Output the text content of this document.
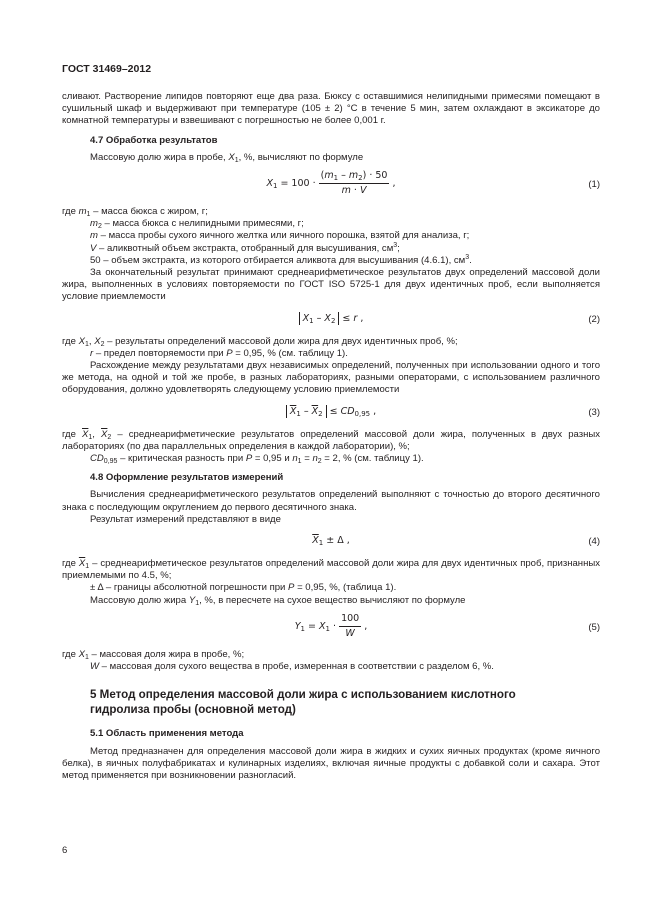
ГОСТ 31469–2012

сливают. Растворение липидов повторяют еще два раза. Бюксу с оставшимися нелипидными примесями помещают в сушильный шкаф и выдерживают при температуре (105 ± 2) °С в течение 5 мин, затем охлаждают в эксикаторе до комнатной температуры и взвешивают с погрешностью не более 0,001 г.

4.7 Обработка результатов

Массовую долю жира в пробе, $X_1$, %, вычисляют по формуле

$X_1 = 100 \cdot \frac{(m_1 - m_2) \cdot 50}{m \cdot V}$ ,	(1)

где $m_1$ – масса бюкса с жиром, г;

$m_2$ – масса бюкса с нелипидными примесями, г;

m – масса пробы сухого яичного желтка или яичного порошка, взятой для анализа, г;

V – аликвотный объем экстракта, отобранный для высушивания, $см^3$;

50 – объем экстракта, из которого отбирается аликвота для высушивания (4.6.1), $см^3$.

За окончательный результат принимают среднеарифметическое результатов двух определений массовой доли жира, выполненных в условиях повторяемости по ГОСТ ISO 5725-1 для двух идентичных проб, если выполняется условие приемлемости

$X_1 - X_2 \le r$ ,	(2)

где $X_1$, $X_2$ – результаты определений массовой доли жира для двух идентичных проб, %;

r – предел повторяемости при P = 0,95, % (см. таблицу 1).

Расхождение между результатами двух независимых определений, полученных при использовании одного и того же метода, на одной и той же пробе, в разных лабораториях, разными операторами, с использованием различного оборудования, должно удовлетворять следующему условию приемлемости

$\overline{X}_1 - \overline{X}_2 \le CD_{0,95}$ ,	(3)

где $\overline{X}_1$, $\overline{X}_2$ – среднеарифметические результатов определений массовой доли жира, полученных в двух разных лабораториях (по два параллельных определения в каждой лаборатории), %;

$CD_{0,95}$ – критическая разность при P = 0,95 и $n_1 = n_2 = 2$, % (см. таблицу 1).

4.8 Оформление результатов измерений

Вычисления среднеарифметического результатов определений выполняют с точностью до второго десятичного знака с последующим округлением до первого десятичного знака.

Результат измерений представляют в виде

$\overline{X}_1 \pm \Delta$ ,	(4)

где $\overline{X}_1$ – среднеарифметическое результатов определений массовой доли жира для двух идентичных проб, признанных приемлемыми по 4.5, %;

± Δ – границы абсолютной погрешности при P = 0,95, %, (таблица 1).

Массовую долю жира $Y_1$, %, в пересчете на сухое вещество вычисляют по формуле

$Y_1 = X_1 \cdot \frac{100}{W}$ ,	(5)

где $X_1$ – массовая доля жира в пробе, %;

W – массовая доля сухого вещества в пробе, измеренная в соответствии с разделом 6, %.

5 Метод определения массовой доли жира с использованием кислотного
гидролиза пробы (основной метод)

5.1 Область применения метода

Метод предназначен для определения массовой доли жира в жидких и сухих яичных продуктах (кроме яичного белка), в яичных полуфабрикатах и кулинарных изделиях, включая яичные продукты с добавкой соли и сахара. Этот метод применяется при возникновении разногласий.

6
